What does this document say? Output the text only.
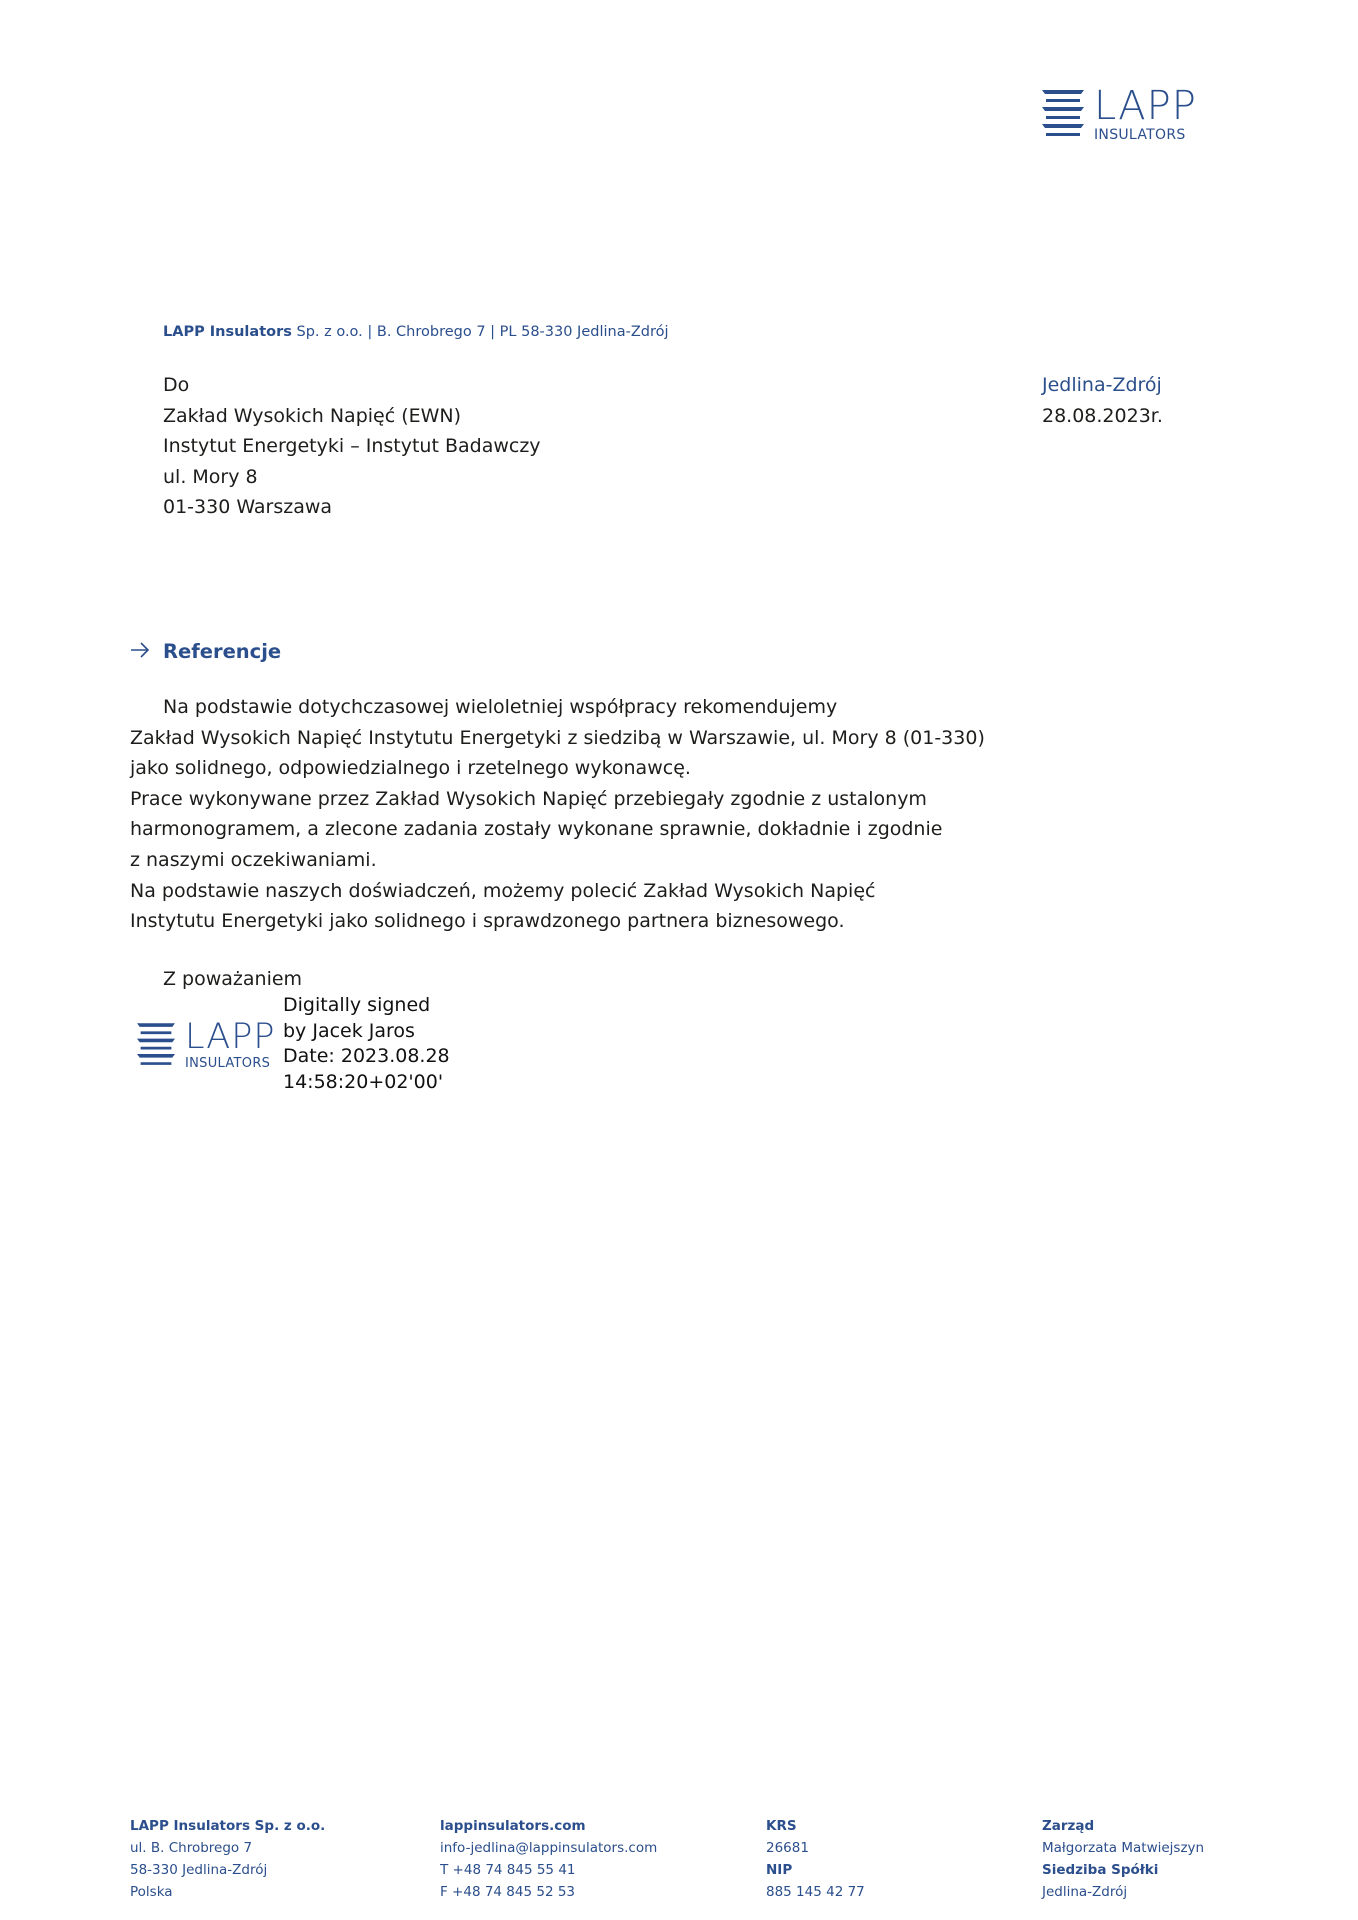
LAPP
INSULATORS
LAPP Insulators Sp. z o.o. | B. Chrobrego 7 | PL 58-330 Jedlina-Zdrój
Do
Zakład Wysokich Napięć (EWN)
Instytut Energetyki – Instytut Badawczy
ul. Mory 8
01-330 Warszawa
Jedlina-Zdrój
28.08.2023r.
Referencje

Na podstawie dotychczasowej wieloletniej współpracy rekomendujemy

Zakład Wysokich Napięć Instytutu Energetyki z siedzibą w Warszawie, ul. Mory 8 (01-330)

jako solidnego, odpowiedzialnego i rzetelnego wykonawcę.

Prace wykonywane przez Zakład Wysokich Napięć przebiegały zgodnie z ustalonym

harmonogramem, a zlecone zadania zostały wykonane sprawnie, dokładnie i zgodnie

z naszymi oczekiwaniami.

Na podstawie naszych doświadczeń, możemy polecić Zakład Wysokich Napięć

Instytutu Energetyki jako solidnego i sprawdzonego partnera biznesowego.

Z poważaniem
LAPP
INSULATORS
Digitally signed
by Jacek Jaros
Date: 2023.08.28
14:58:20+02'00'
LAPP Insulators Sp. z o.o.
ul. B. Chrobrego 7
58-330 Jedlina-Zdrój
Polska
lappinsulators.com
info-jedlina@lappinsulators.com
T +48 74 845 55 41
F +48 74 845 52 53
KRS
26681
NIP
885 145 42 77
Zarząd
Małgorzata Matwiejszyn
Siedziba Spółki
Jedlina-Zdrój
